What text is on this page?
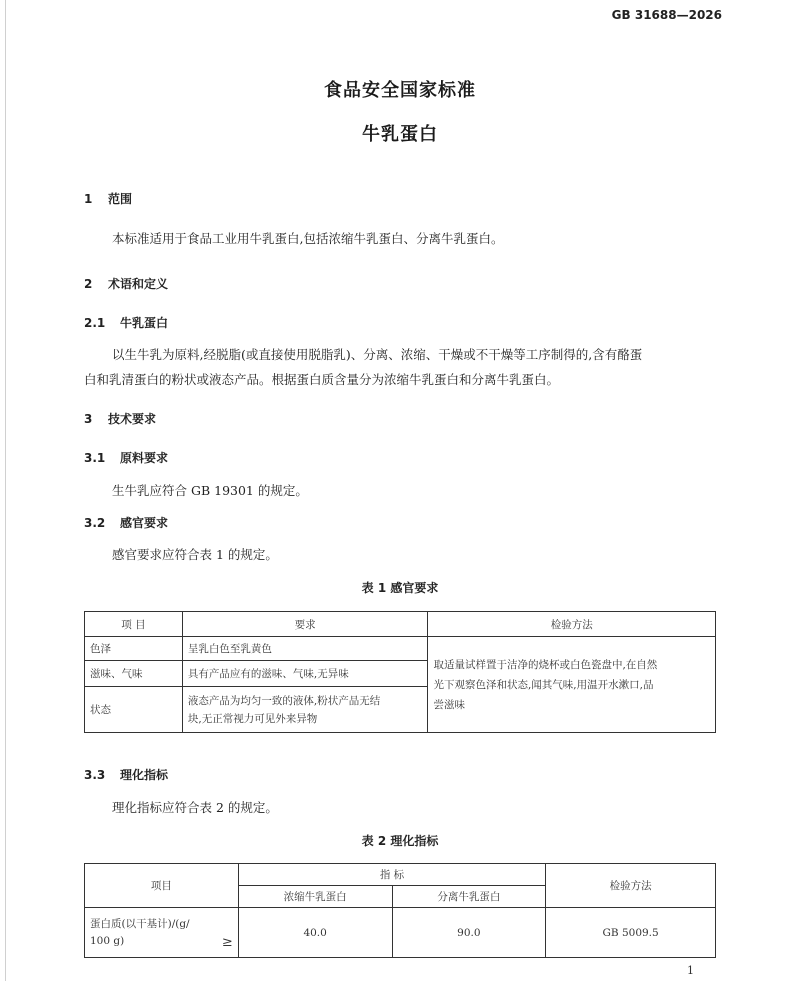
GB 31688—2026
食品安全国家标准
牛乳蛋白
1 范围
本标准适用于食品工业用牛乳蛋白,包括浓缩牛乳蛋白、分离牛乳蛋白。
2 术语和定义
2.1 牛乳蛋白
以生牛乳为原料,经脱脂(或直接使用脱脂乳)、分离、浓缩、干燥或不干燥等工序制得的,含有酪蛋
白和乳清蛋白的粉状或液态产品。根据蛋白质含量分为浓缩牛乳蛋白和分离牛乳蛋白。
3 技术要求
3.1 原料要求
生牛乳应符合 GB 19301 的规定。
3.2 感官要求
感官要求应符合表 1 的规定。
表 1 感官要求
项 目	要求	检验方法
色泽	呈乳白色至乳黄色	取适量试样置于洁净的烧杯或白色瓷盘中,在自然
光下观察色泽和状态,闻其气味,用温开水漱口,品
尝滋味

滋味、气味	具有产品应有的滋味、气味,无异味	
状态	液态产品为均匀一致的液体,粉状产品无结
块,无正常视力可见外来异物	
3.3 理化指标
理化指标应符合表 2 的规定。
表 2 理化指标
项目	指 标		检验方法
	浓缩牛乳蛋白	分离牛乳蛋白	

蛋白质(以干基计)/(g/
100 g) ≥	40.0	90.0	GB 5009.5
1
